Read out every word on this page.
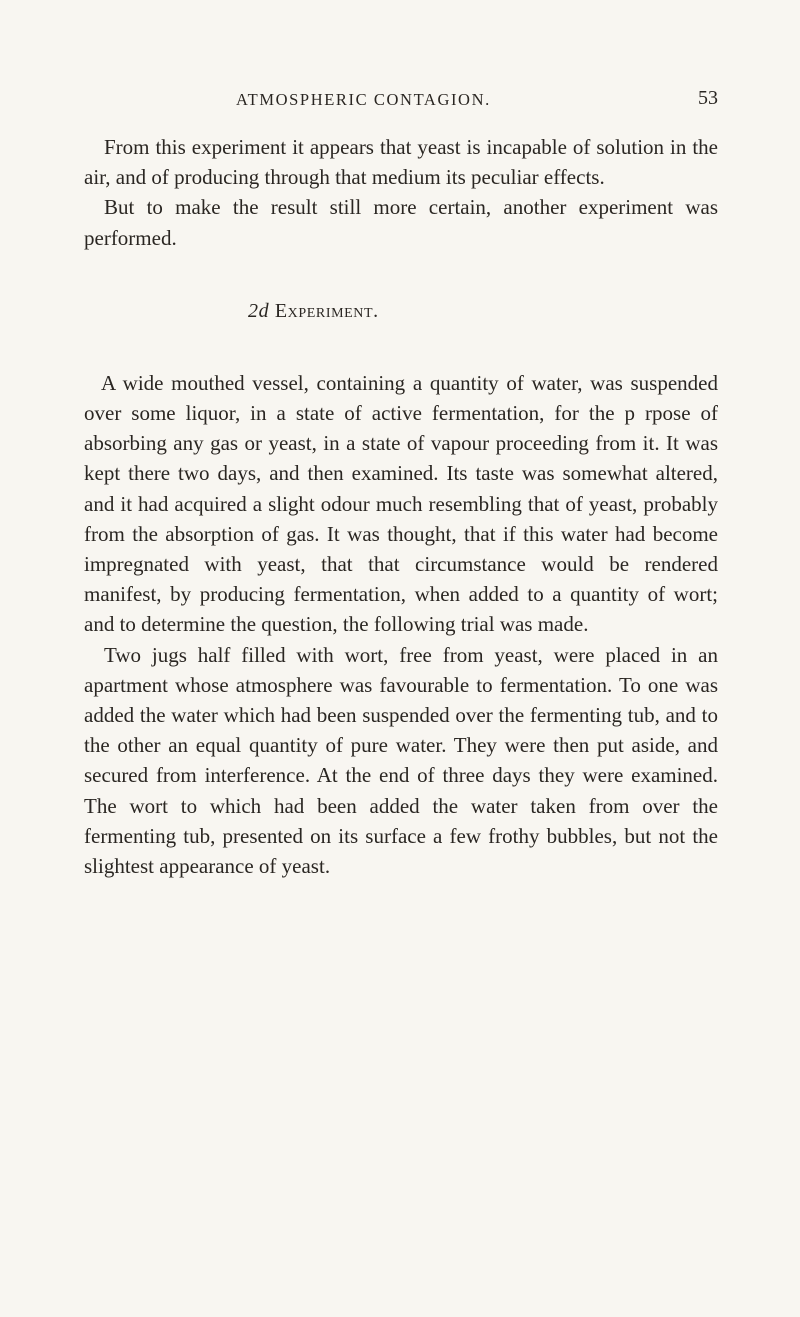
ATMOSPHERIC CONTAGION.	53

From this experiment it appears that yeast is incapable of solution in the air, and of producing through that medium its peculiar effects.

But to make the result still more certain, another experiment was performed.

2d Experiment.

A wide mouthed vessel, containing a quantity of water, was suspended over some liquor, in a state of active fermentation, for the p rpose of absorbing any gas or yeast, in a state of vapour proceeding from it. It was kept there two days, and then examined. Its taste was somewhat altered, and it had acquired a slight odour much resembling that of yeast, probably from the absorption of gas. It was thought, that if this water had become impregnated with yeast, that that circumstance would be rendered manifest, by producing fermentation, when added to a quantity of wort; and to determine the question, the following trial was made.

Two jugs half filled with wort, free from yeast, were placed in an apartment whose atmosphere was favourable to fermentation. To one was added the water which had been suspended over the fermenting tub, and to the other an equal quantity of pure water. They were then put aside, and secured from interference. At the end of three days they were examined. The wort to which had been added the water taken from over the fermenting tub, presented on its surface a few frothy bubbles, but not the slightest appearance of yeast.
